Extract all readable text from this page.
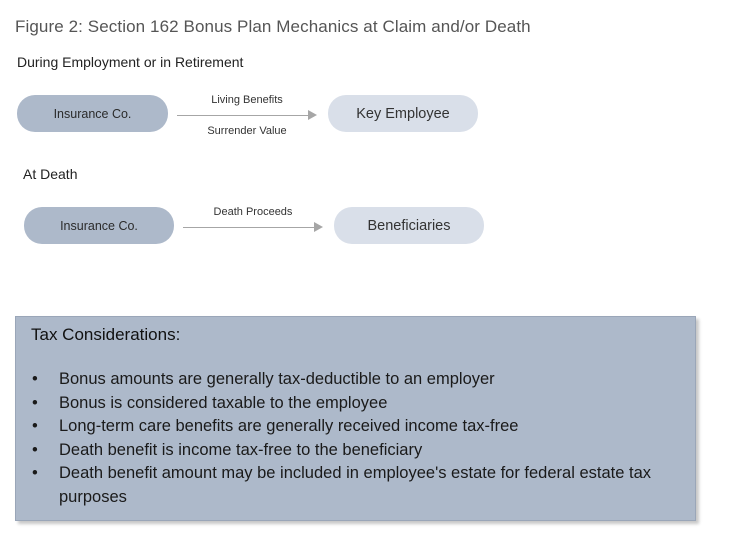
Figure 2: Section 162 Bonus Plan Mechanics at Claim and/or Death
During Employment or in Retirement
Insurance Co.
Living Benefits
Surrender Value
Key Employee
At Death
Insurance Co.
Death Proceeds
Beneficiaries
Tax Considerations:
• Bonus amounts are generally tax-deductible to an employer
• Bonus is considered taxable to the employee
• Long-term care benefits are generally received income tax-free
• Death benefit is income tax-free to the beneficiary
• Death benefit amount may be included in employee's estate for federal estate tax purposes
